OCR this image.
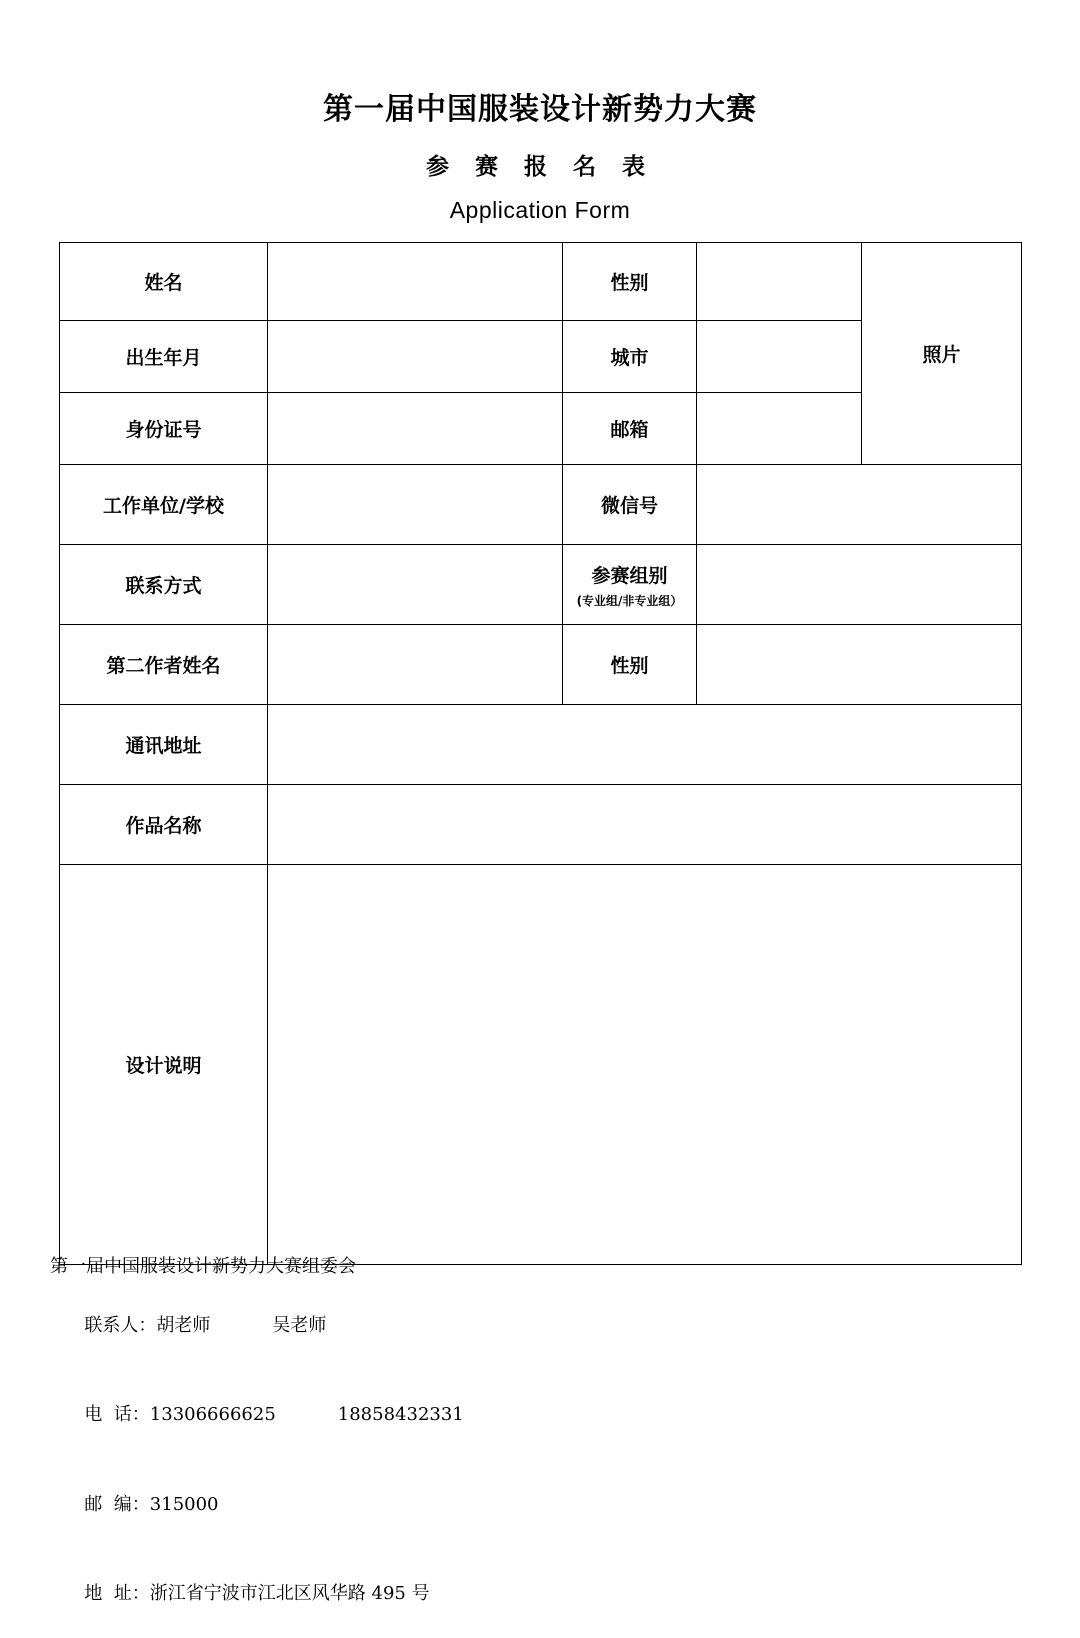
第一届中国服装设计新势力大赛
参 赛 报 名 表
Application Form
姓名		性别		照片
出生年月		城市		
身份证号		邮箱		
工作单位/学校		微信号		
联系方式		参赛组别
(专业组/非专业组）		

第二作者姓名		性别		
通讯地址				
作品名称				
设计说明				
第一届中国服装设计新势力大赛组委会

联系人：胡老师	吴老师

电  话：13306666625	18858432331

邮  编：315000

地  址：浙江省宁波市江北区风华路 495 号
